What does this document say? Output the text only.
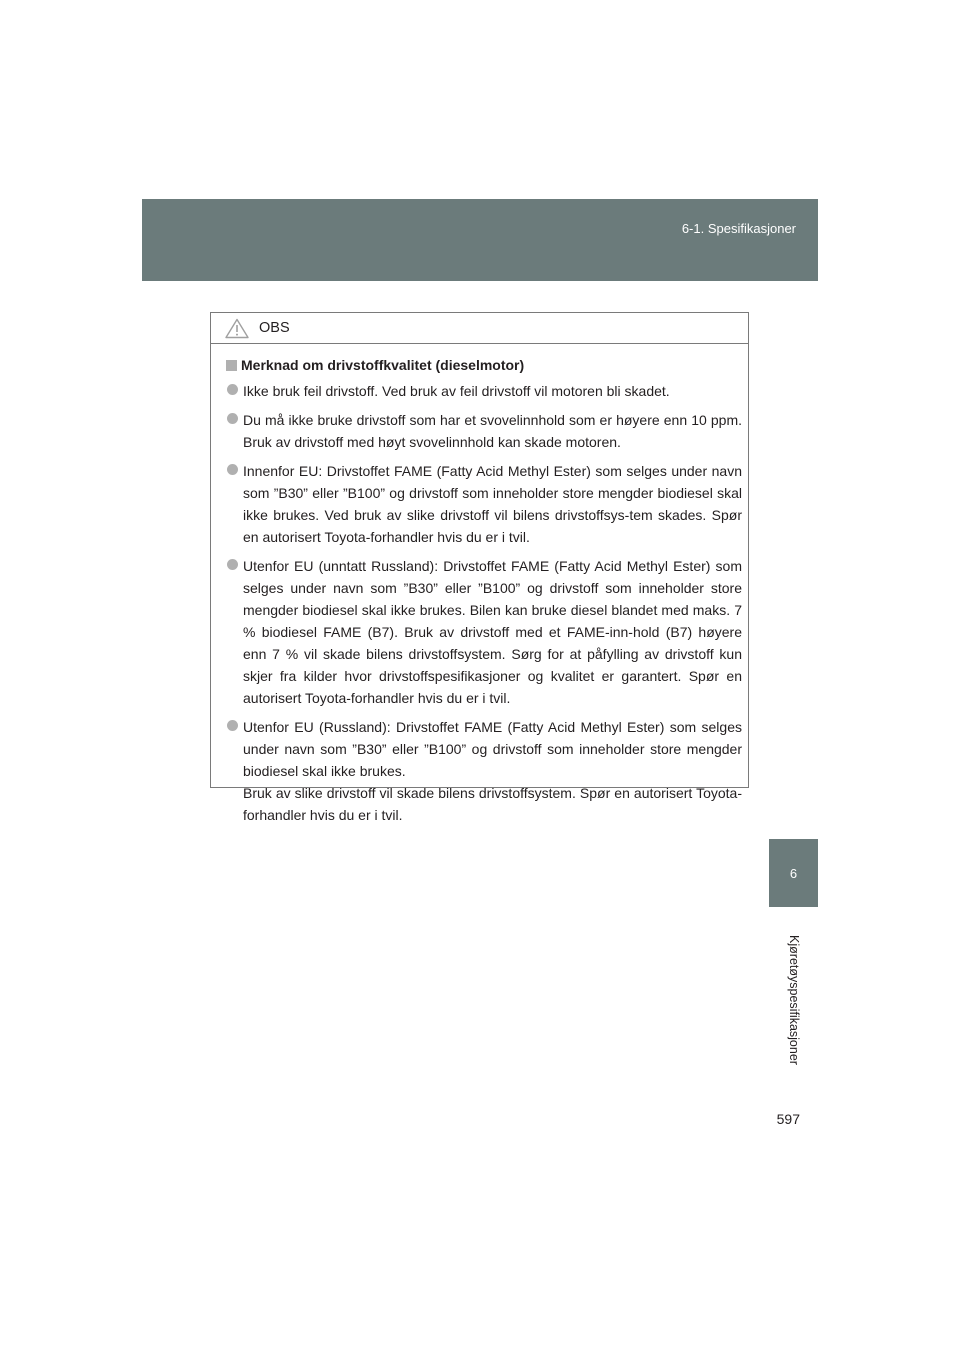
6-1. Spesifikasjoner
6
Kjøretøyspesifikasjoner
OBS
Merknad om drivstoffkvalitet (dieselmotor)
Ikke bruk feil drivstoff. Ved bruk av feil drivstoff vil motoren bli skadet.
Du må ikke bruke drivstoff som har et svovelinnhold som er høyere enn 10 ppm. Bruk av drivstoff med høyt svovelinnhold kan skade motoren.
Innenfor EU: Drivstoffet FAME (Fatty Acid Methyl Ester) som selges under navn som ”B30” eller ”B100” og drivstoff som inneholder store mengder biodiesel skal ikke brukes. Ved bruk av slike drivstoff vil bilens drivstoffsys-tem skades. Spør en autorisert Toyota-forhandler hvis du er i tvil.
Utenfor EU (unntatt Russland): Drivstoffet FAME (Fatty Acid Methyl Ester) som selges under navn som ”B30” eller ”B100” og drivstoff som inneholder store mengder biodiesel skal ikke brukes. Bilen kan bruke diesel blandet med maks. 7 % biodiesel FAME (B7). Bruk av drivstoff med et FAME-inn-hold (B7) høyere enn 7 % vil skade bilens drivstoffsystem. Sørg for at påfylling av drivstoff kun skjer fra kilder hvor drivstoffspesifikasjoner og kvalitet er garantert. Spør en autorisert Toyota-forhandler hvis du er i tvil.
Utenfor EU (Russland): Drivstoffet FAME (Fatty Acid Methyl Ester) som selges under navn som ”B30” eller ”B100” og drivstoff som inneholder store mengder biodiesel skal ikke brukes.
Bruk av slike drivstoff vil skade bilens drivstoffsystem. Spør en autorisert Toyota-forhandler hvis du er i tvil.
597
